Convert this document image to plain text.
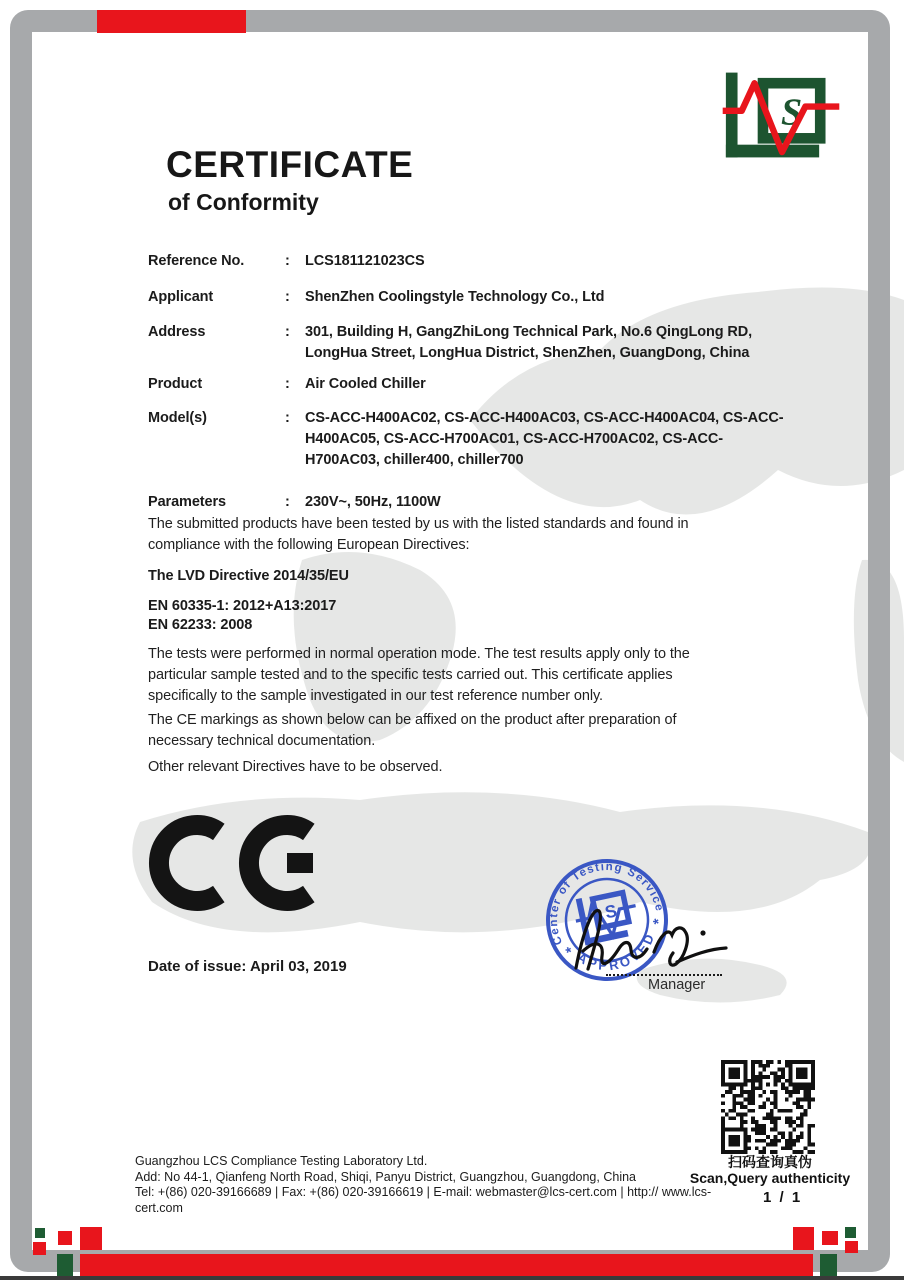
S
CERTIFICATE
of Conformity
Reference No.	:	LCS181121023CS
Applicant	:	ShenZhen Coolingstyle Technology Co., Ltd
Address	:	301, Building H, GangZhiLong Technical Park, No.6 QingLong RD, LongHua Street, LongHua District, ShenZhen, GuangDong, China
Product	:	Air Cooled Chiller
Model(s)	:	CS-ACC-H400AC02, CS-ACC-H400AC03, CS-ACC-H400AC04, CS-ACC-H400AC05, CS-ACC-H700AC01, CS-ACC-H700AC02, CS-ACC-H700AC03, chiller400, chiller700
Parameters	:	230V~, 50Hz, 1100W
The submitted products have been tested by us with the listed standards and found in compliance with the following European Directives:
The LVD Directive 2014/35/EU
EN 60335-1: 2012+A13:2017
EN 62233: 2008
The tests were performed in normal operation mode. The test results apply only to the particular sample tested and to the specific tests carried out. This certificate applies specifically to the sample investigated in our test reference number only.
The CE markings as shown below can be affixed on the product after preparation of necessary technical documentation.
Other relevant Directives have to be observed.
Date of issue: April 03, 2019
Center of Testing Service
APPROVED
*
*
S
Manager
扫码查询真伪
Scan,Query authenticity
1 / 1
Guangzhou LCS Compliance Testing Laboratory Ltd.
Add: No 44-1, Qianfeng North Road, Shiqi, Panyu District, Guangzhou, Guangdong, China
Tel: +(86) 020-39166689 | Fax: +(86) 020-39166619 | E-mail: webmaster@lcs-cert.com | http:// www.lcs-cert.com
